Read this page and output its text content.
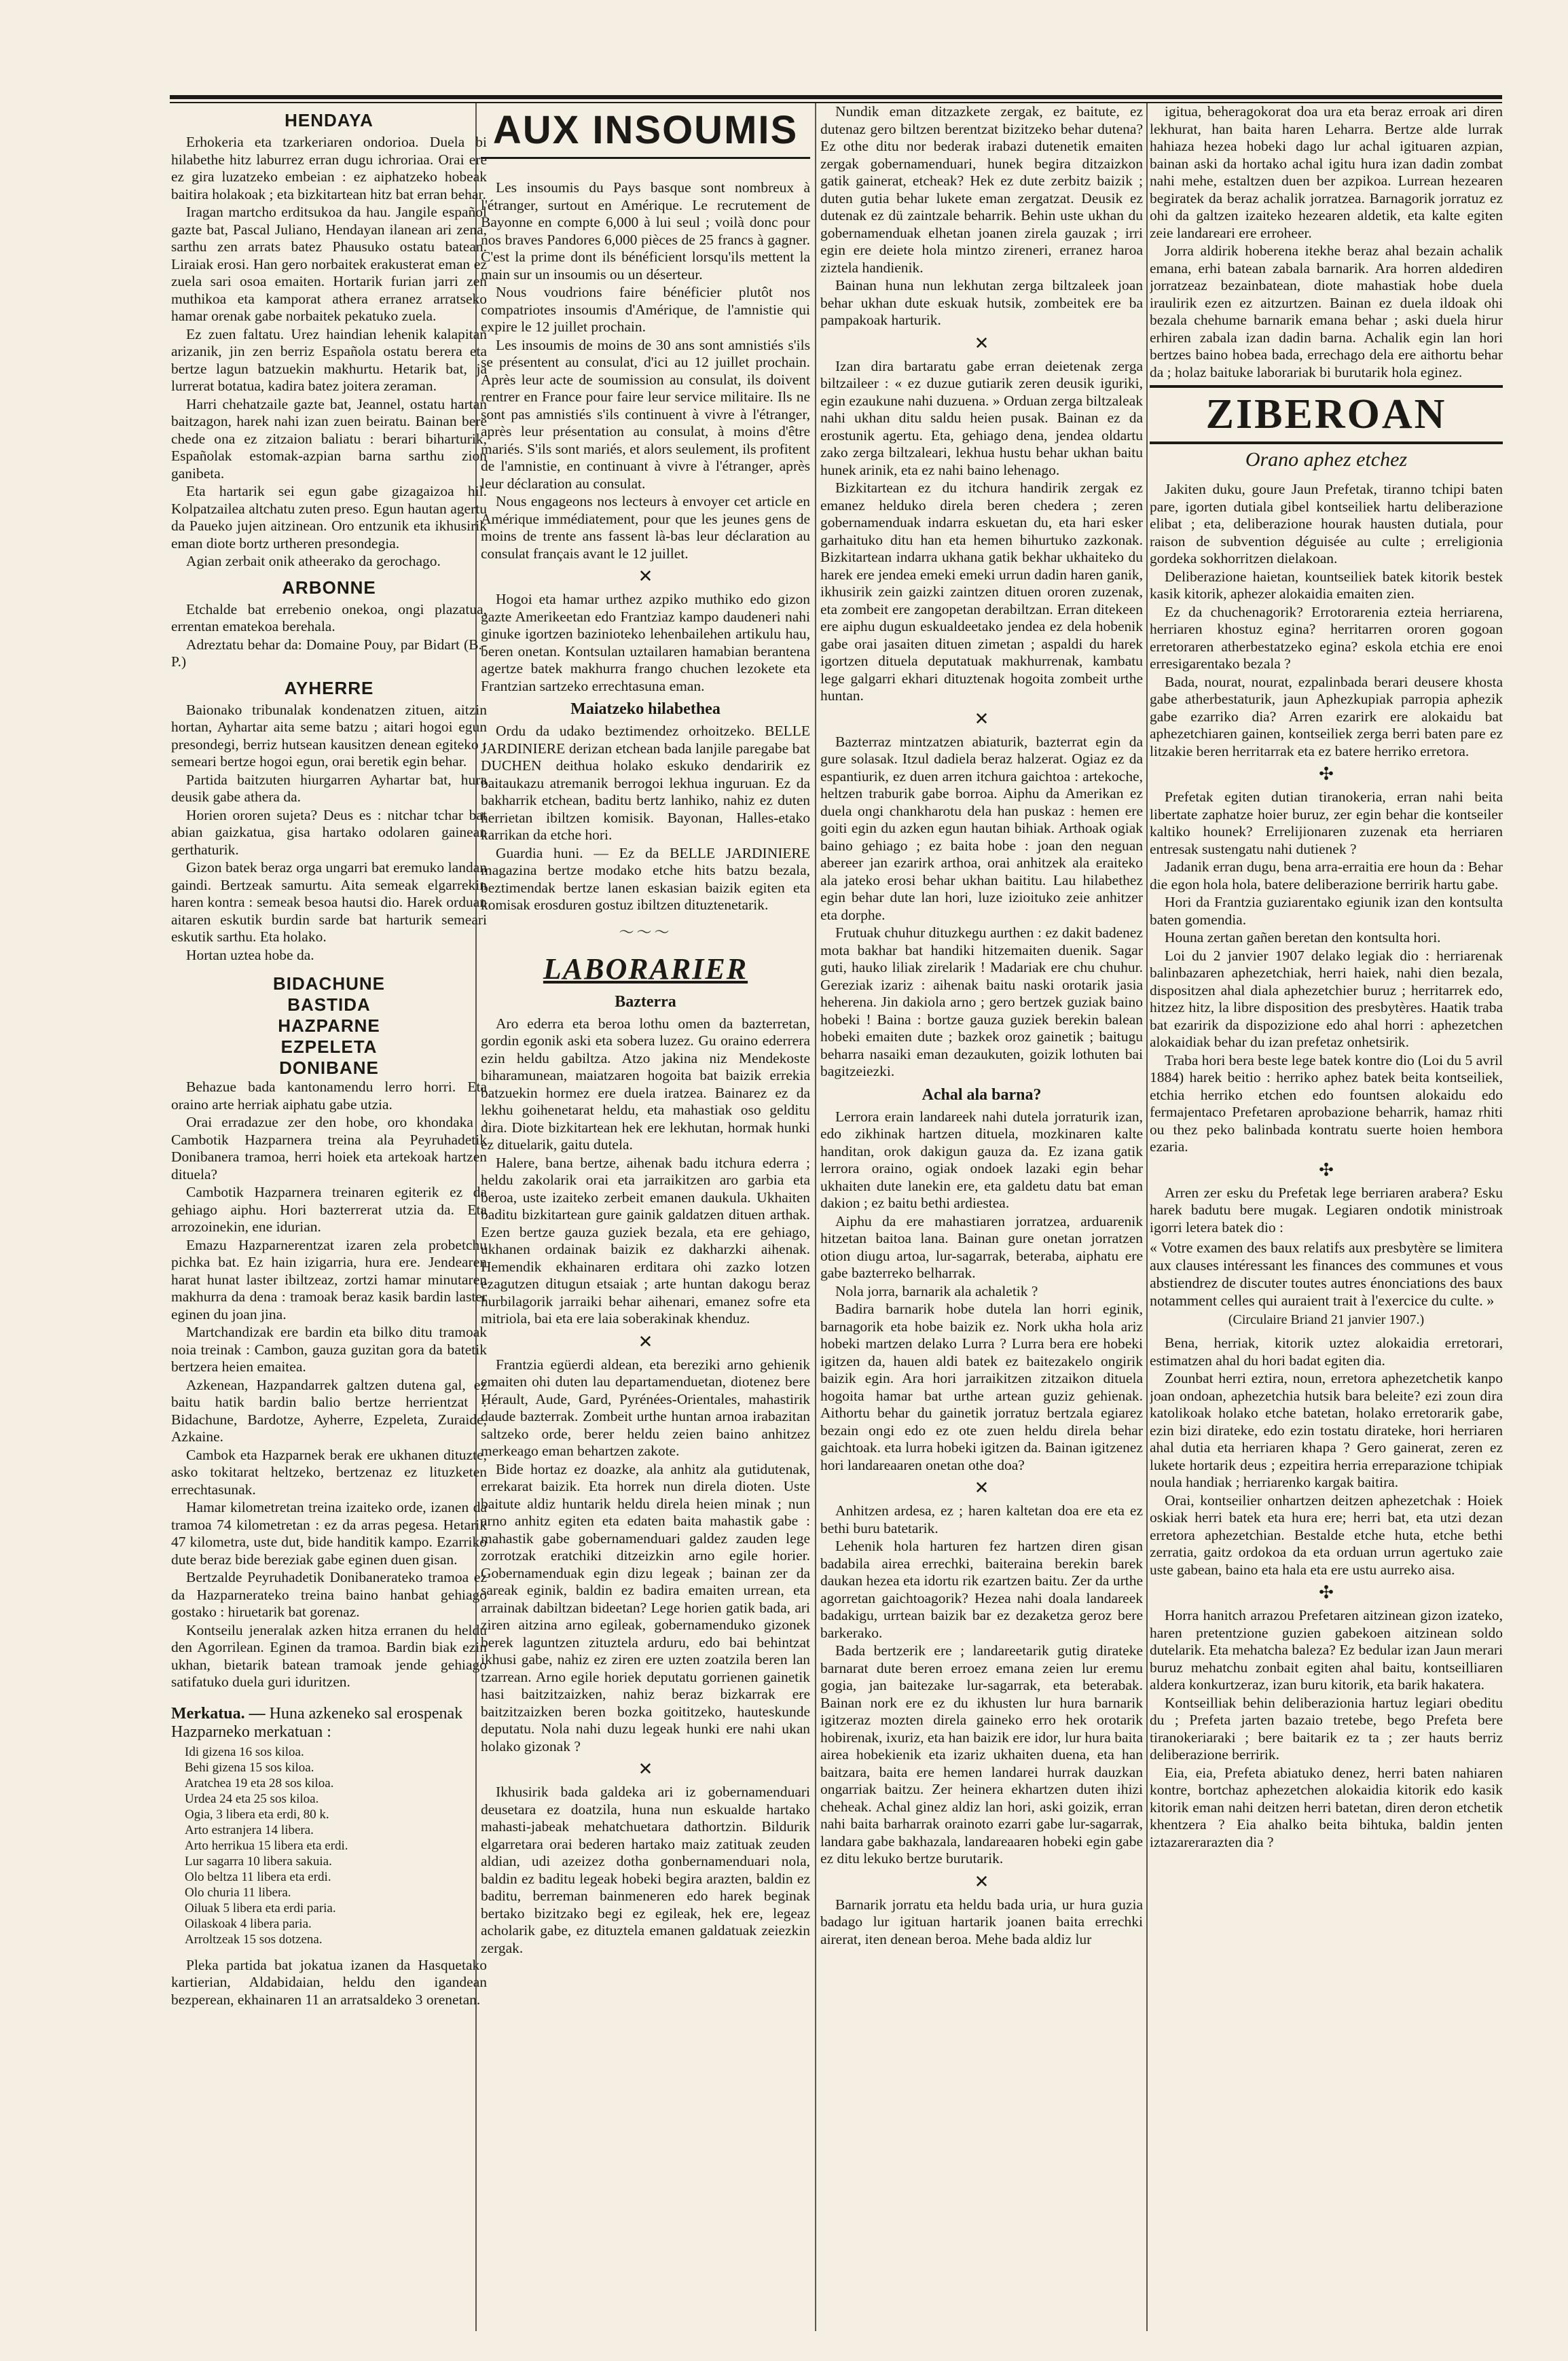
HENDAYA

Erhokeria eta tzarkeriaren ondorioa. Duela bi hilabethe hitz laburrez erran dugu ichroriaa. Orai ere ez gira luzatzeko embeian : ez aiphatzeko hobeak baitira holakoak ; eta bizkitartean hitz bat erran behar.

Iragan martcho erditsukoa da hau. Jangile español gazte bat, Pascal Juliano, Hendayan ilanean ari zena, sarthu zen arrats batez Phausuko ostatu batean. Liraiak erosi. Han gero norbaitek erakusterat eman ez zuela sari osoa emaiten. Hortarik furian jarri zen muthikoa eta kamporat athera erranez arratseko hamar orenak gabe norbaitek pekatuko zuela.

Ez zuen faltatu. Urez haindian lehenik kalapitan arizanik, jin zen berriz Española ostatu berera eta bertze lagun batzuekin makhurtu. Hetarik bat, ja lurrerat botatua, kadira batez joitera zeraman.

Harri chehatzaile gazte bat, Jeannel, ostatu hartan baitzagon, harek nahi izan zuen beiratu. Bainan bere chede ona ez zitzaion baliatu : berari biharturik, Españolak estomak-azpian barna sarthu zion ganibeta.

Eta hartarik sei egun gabe gizagaizoa hil. Kolpatzailea altchatu zuten preso. Egun hautan agertu da Paueko jujen aitzinean. Oro entzunik eta ikhusirik eman diote bortz urtheren presondegia.

Agian zerbait onik atheerako da gerochago.

ARBONNE

Etchalde bat errebenio onekoa, ongi plazatua, errentan ematekoa berehala.

Adreztatu behar da: Domaine Pouy, par Bidart (B.-P.)

AYHERRE

Baionako tribunalak kondenatzen zituen, aitzin hortan, Ayhartar aita seme batzu ; aitari hogoi egun presondegi, berriz hutsean kausitzen denean egiteko ; semeari bertze hogoi egun, orai beretik egin behar.

Partida baitzuten hiurgarren Ayhartar bat, hura deusik gabe athera da.

Horien ororen sujeta? Deus es : nitchar tchar bat abian gaizkatua, gisa hartako odolaren gainean gerthaturik.

Gizon batek beraz orga ungarri bat eremuko landan gaindi. Bertzeak samurtu. Aita semeak elgarrekin haren kontra : semeak besoa hautsi dio. Harek orduan aitaren eskutik burdin sarde bat harturik semeari eskutik sarthu. Eta holako.

Hortan uztea hobe da.

BIDACHUNE
BASTIDA
HAZPARNE
EZPELETA
DONIBANE

Behazue bada kantonamendu lerro horri. Eta oraino arte herriak aiphatu gabe utzia.

Orai erradazue zer den hobe, oro khondaka : Cambotik Hazparnera treina ala Peyruhadetik Donibanera tramoa, herri hoiek eta artekoak hartzen dituela?

Cambotik Hazparnera treinaren egiterik ez da gehiago aiphu. Hori bazterrerat utzia da. Eta arrozoinekin, ene idurian.

Emazu Hazparnerentzat izaren zela probetchu pichka bat. Ez hain izigarria, hura ere. Jendearen harat hunat laster ibiltzeaz, zortzi hamar minutaren makhurra da dena : tramoak beraz kasik bardin laster eginen du joan jina.

Martchandizak ere bardin eta bilko ditu tramoak noia treinak : Cambon, gauza guzitan gora da batetik bertzera heien emaitea.

Azkenean, Hazpandarrek galtzen dutena gal, ez baitu hatik bardin balio bertze herrientzat : Bidachune, Bardotze, Ayherre, Ezpeleta, Zuraide, Azkaine.

Cambok eta Hazparnek berak ere ukhanen dituzte, asko tokitarat heltzeko, bertzenaz ez lituzketen errechtasunak.

Hamar kilometretan treina izaiteko orde, izanen da tramoa 74 kilometretan : ez da arras pegesa. Hetarik 47 kilometra, uste dut, bide handitik kampo. Ezarriko dute beraz bide bereziak gabe eginen duen gisan.

Bertzalde Peyruhadetik Donibanerateko tramoa ez da Hazparnerateko treina baino hanbat gehiago gostako : hiruetarik bat gorenaz.

Kontseilu jeneralak azken hitza erranen du heldu den Agorrilean. Eginen da tramoa. Bardin biak ezin ukhan, bietarik batean tramoak jende gehiago satifatuko duela guri iduritzen.

Merkatua. — Huna azkeneko sal erospenak Hazparneko merkatuan :
Idi gizena 16 sos kiloa.
Behi gizena 15 sos kiloa.
Aratchea 19 eta 28 sos kiloa.
Urdea 24 eta 25 sos kiloa.
Ogia, 3 libera eta erdi, 80 k.
Arto estranjera 14 libera.
Arto herrikua 15 libera eta erdi.
Lur sagarra 10 libera sakuia.
Olo beltza 11 libera eta erdi.
Olo churia 11 libera.
Oiluak 5 libera eta erdi paria.
Oilaskoak 4 libera paria.
Arroltzeak 15 sos dotzena.

Pleka partida bat jokatua izanen da Hasquetako kartierian, Aldabidaian, heldu den igandean bezperean, ekhainaren 11 an arratsaldeko 3 orenetan.

AUX INSOUMIS

Les insoumis du Pays basque sont nombreux à l'étranger, surtout en Amérique. Le recrutement de Bayonne en compte 6,000 à lui seul ; voilà donc pour nos braves Pandores 6,000 pièces de 25 francs à gagner. C'est la prime dont ils bénéficient lorsqu'ils mettent la main sur un insoumis ou un déserteur.

Nous voudrions faire bénéficier plutôt nos compatriotes insoumis d'Amérique, de l'amnistie qui expire le 12 juillet prochain.

Les insoumis de moins de 30 ans sont amnistiés s'ils se présentent au consulat, d'ici au 12 juillet prochain. Après leur acte de soumission au consulat, ils doivent rentrer en France pour faire leur service militaire. Ils ne sont pas amnistiés s'ils continuent à vivre à l'étranger, après leur présentation au consulat, à moins d'être mariés. S'ils sont mariés, et alors seulement, ils profitent de l'amnistie, en continuant à vivre à l'étranger, après leur déclaration au consulat.

Nous engageons nos lecteurs à envoyer cet article en Amérique immédiatement, pour que les jeunes gens de moins de trente ans fassent là-bas leur déclaration au consulat français avant le 12 juillet.

✕

Hogoi eta hamar urthez azpiko muthiko edo gizon gazte Amerikeetan edo Frantziaz kampo daudeneri nahi ginuke igortzen bazinioteko lehenbailehen artikulu hau, beren onetan. Kontsulan uztailaren hamabian berantena agertze batek makhurra frango chuchen lezokete eta Frantzian sartzeko errechtasuna eman.

Maiatzeko hilabethea

Ordu da udako beztimendez orhoitzeko. BELLE JARDINIERE derizan etchean bada lanjile paregabe bat DUCHEN deithua holako eskuko dendaririk ez baitaukazu atremanik berrogoi lekhua inguruan. Ez da bakharrik etchean, baditu bertz lanhiko, nahiz ez duten herrietan ibiltzen komisik. Bayonan, Halles-etako karrikan da etche hori.

Guardia huni. — Ez da BELLE JARDINIERE magazina bertze modako etche hits batzu bezala, beztimendak bertze lanen eskasian baizik egiten eta komisak erosduren gostuz ibiltzen dituztenetarik.

〜〜〜
LABORARIER
Bazterra

Aro ederra eta beroa lothu omen da bazterretan, gordin egonik aski eta sobera luzez. Gu oraino ederrera ezin heldu gabiltza. Atzo jakina niz Mendekoste biharamunean, maiatzaren hogoita bat baizik errekia batzuekin hormez ere duela iratzea. Bainarez ez da lekhu goihenetarat heldu, eta mahastiak oso gelditu dira. Diote bizkitartean hek ere lekhutan, hormak hunki ez dituelarik, gaitu dutela.

Halere, bana bertze, aihenak badu itchura ederra ; heldu zakolarik orai eta jarraikitzen aro garbia eta beroa, uste izaiteko zerbeit emanen daukula. Ukhaiten baditu bizkitartean gure gainik galdatzen dituen arthak. Ezen bertze gauza guziek bezala, eta ere gehiago, ukhanen ordainak baizik ez dakharzki aihenak. Hemendik ekhainaren erditara ohi zazko lotzen ezagutzen ditugun etsaiak ; arte huntan dakogu beraz hurbilagorik jarraiki behar aihenari, emanez sofre eta mitriola, bai eta ere laia soberakinak khenduz.

✕

Frantzia egüerdi aldean, eta bereziki arno gehienik emaiten ohi duten lau departamenduetan, diotenez bere Hérault, Aude, Gard, Pyrénées-Orientales, mahastirik daude bazterrak. Zombeit urthe huntan arnoa irabazitan saltzeko orde, berer heldu zeien baino anhitzez merkeago eman behartzen zakote.

Bide hortaz ez doazke, ala anhitz ala gutidutenak, errekarat baizik. Eta horrek nun direla dioten. Uste baitute aldiz huntarik heldu direla heien minak ; nun arno anhitz egiten eta edaten baita mahastik gabe : mahastik gabe gobernamenduari galdez zauden lege zorrotzak eratchiki ditzeizkin arno egile horier. Gobernamenduak egin dizu legeak ; bainan zer da sareak eginik, baldin ez badira emaiten urrean, eta arrainak dabiltzan bideetan? Lege horien gatik bada, ari ziren aitzina arno egileak, gobernamenduko gizonek berek laguntzen zituztela arduru, edo bai behintzat ikhusi gabe, nahiz ez ziren ere uzten zoatzila beren lan tzarrean. Arno egile horiek deputatu gorrienen gainetik hasi baitzitzaizken, nahiz beraz bizkarrak ere baitzitzaizken beren bozka goititzeko, hauteskunde deputatu. Nola nahi duzu legeak hunki ere nahi ukan holako gizonak ?

✕

Ikhusirik bada galdeka ari iz gobernamenduari deusetara ez doatzila, huna nun eskualde hartako mahasti-jabeak mehatchuetara dathortzin. Bildurik elgarretara orai bederen hartako maiz zatituak zeuden aldian, udi azeizez dotha gonbernamenduari nola, baldin ez baditu legeak hobeki begira arazten, baldin ez baditu, berreman bainmeneren edo harek beginak bertako bizitzako begi ez egileak, hek ere, legeaz acholarik gabe, ez dituztela emanen galdatuak zeiezkin zergak.

Nundik eman ditzazkete zergak, ez baitute, ez dutenaz gero biltzen berentzat bizitzeko behar dutena? Ez othe ditu nor bederak irabazi dutenetik emaiten zergak gobernamenduari, hunek begira ditzaizkon gatik gainerat, etcheak? Hek ez dute zerbitz baizik ; duten gutia behar lukete eman zergatzat. Deusik ez dutenak ez dü zaintzale beharrik. Behin uste ukhan du gobernamenduak elhetan joanen zirela gauzak ; irri egin ere deiete hola mintzo zireneri, erranez haroa ziztela handienik.

Bainan huna nun lekhutan zerga biltzaleek joan behar ukhan dute eskuak hutsik, zombeitek ere ba pampakoak harturik.

✕

Izan dira bartaratu gabe erran deietenak zerga biltzaileer : « ez duzue gutiarik zeren deusik iguriki, egin ezaukune nahi duzuena. » Orduan zerga biltzaleak nahi ukhan ditu saldu heien pusak. Bainan ez da erostunik agertu. Eta, gehiago dena, jendea oldartu zako zerga biltzaleari, lekhua hustu behar ukhan baitu hunek arinik, eta ez nahi baino lehenago.

Bizkitartean ez du itchura handirik zergak ez emanez helduko direla beren chedera ; zeren gobernamenduak indarra eskuetan du, eta hari esker garhaituko ditu han eta hemen bihurtuko zazkonak. Bizkitartean indarra ukhana gatik bekhar ukhaiteko du harek ere jendea emeki emeki urrun dadin haren ganik, ikhusirik zein gaizki zaintzen dituen ororen zuzenak, eta zombeit ere zangopetan derabiltzan. Erran ditekeen ere aiphu dugun eskualdeetako jendea ez dela hobenik gabe orai jasaiten dituen zimetan ; aspaldi du harek igortzen dituela deputatuak makhurrenak, kambatu lege galgarri ekhari dituztenak hogoita zombeit urthe huntan.

✕

Bazterraz mintzatzen abiaturik, bazterrat egin da gure solasak. Itzul dadiela beraz halzerat. Ogiaz ez da espantiurik, ez duen arren itchura gaichtoa : artekoche, heltzen traburik gabe borroa. Aiphu da Amerikan ez duela ongi chankharotu dela han puskaz : hemen ere goiti egin du azken egun hautan bihiak. Arthoak ogiak baino gehiago ; ez baita hobe : joan den neguan abereer jan ezarirk arthoa, orai anhitzek ala eraiteko ala jateko erosi behar ukhan baititu. Lau hilabethez egin behar dute lan hori, luze izioituko zeie anhitzer eta dorphe.

Frutuak chuhur dituzkegu aurthen : ez dakit badenez mota bakhar bat handiki hitzemaiten duenik. Sagar guti, hauko liliak zirelarik ! Madariak ere chu chuhur. Gereziak izariz : aihenak baitu naski orotarik jasia heherena. Jin dakiola arno ; gero bertzek guziak baino hobeki ! Baina : bortze gauza guziek berekin balean hobeki emaiten dute ; bazkek oroz gainetik ; baitugu beharra nasaiki eman dezaukuten, goizik lothuten bai bagitzeiezki.

Achal ala barna?

Lerrora erain landareek nahi dutela jorraturik izan, edo zikhinak hartzen dituela, mozkinaren kalte handitan, orok dakigun gauza da. Ez izana gatik lerrora oraino, ogiak ondoek lazaki egin behar ukhaiten dute lanekin ere, eta galdetu datu bat eman dakion ; ez baitu bethi ardiestea.

Aiphu da ere mahastiaren jorratzea, arduarenik hitzetan baitoa lana. Bainan gure onetan jorratzen otion diugu artoa, lur-sagarrak, beteraba, aiphatu ere gabe bazterreko belharrak.

Nola jorra, barnarik ala achaletik ?

Badira barnarik hobe dutela lan horri eginik, barnagorik eta hobe baizik ez. Nork ukha hola ariz hobeki martzen delako Lurra ? Lurra bera ere hobeki igitzen da, hauen aldi batek ez baitezakelo ongirik baizik egin. Ara hori jarraikitzen zitzaikon dituela hogoita hamar bat urthe artean guziz gehienak. Aithortu behar du gainetik jorratuz bertzala egiarez bezain ongi edo ez ote zuen heldu direla behar gaichtoak. eta lurra hobeki igitzen da. Bainan igitzenez hori landareaaren onetan othe doa?

✕

Anhitzen ardesa, ez ; haren kaltetan doa ere eta ez bethi buru batetarik.

Lehenik hola harturen fez hartzen diren gisan badabila airea errechki, baiteraina berekin barek daukan hezea eta idortu rik ezartzen baitu. Zer da urthe agorretan gaichtoagorik? Hezea nahi doala landareek badakigu, urrtean baizik bar ez dezaketza geroz bere barkerako.

Bada bertzerik ere ; landareetarik gutig dirateke barnarat dute beren erroez emana zeien lur eremu gogia, jan baitezake lur-sagarrak, eta beterabak. Bainan nork ere ez du ikhusten lur hura barnarik igitzeraz mozten direla gaineko erro hek orotarik hobirenak, ixuriz, eta han baizik ere idor, lur hura baita airea hobekienik eta izariz ukhaiten duena, eta han baitzara, baita ere hemen landarei hurrak dauzkan ongarriak baitzu. Zer heinera ekhartzen duten ihizi cheheak. Achal ginez aldiz lan hori, aski goizik, erran nahi baita barharrak orainoto ezarri gabe lur-sagarrak, landara gabe bakhazala, landareaaren hobeki egin gabe ez ditu lekuko bertze burutarik.

✕

Barnarik jorratu eta heldu bada uria, ur hura guzia badago lur igituan hartarik joanen baita errechki airerat, iten denean beroa. Mehe bada aldiz lur

igitua, beheragokorat doa ura eta beraz erroak ari diren lekhurat, han baita haren Leharra. Bertze alde lurrak hahiaza hezea hobeki dago lur achal igituaren azpian, bainan aski da hortako achal igitu hura izan dadin zombat nahi mehe, estaltzen duen ber azpikoa. Lurrean hezearen begiratek da beraz achalik jorratzea. Barnagorik jorratuz ez ohi da galtzen izaiteko hezearen aldetik, eta kalte egiten zeie landareari ere erroheer.

Jorra aldirik hoberena itekhe beraz ahal bezain achalik emana, erhi batean zabala barnarik. Ara horren aldediren jorratzeaz bezainbatean, diote mahastiak hobe duela iraulirik ezen ez aitzurtzen. Bainan ez duela ildoak ohi bezala chehume barnarik emana behar ; aski duela hirur erhiren zabala izan dadin barna. Achalik egin lan hori bertzes baino hobea bada, errechago dela ere aithortu behar da ; holaz baituke laborariak bi burutarik hola eginez.

ZIBEROAN
Orano aphez etchez

Jakiten duku, goure Jaun Prefetak, tiranno tchipi baten pare, igorten dutiala gibel kontseiliek hartu deliberazione elibat ; eta, deliberazione hourak hausten dutiala, pour raison de subvention déguisée au culte ; erreligionia gordeka sokhorritzen dielakoan.

Deliberazione haietan, kountseiliek batek kitorik bestek kasik kitorik, aphezer alokaidia emaiten zien.

Ez da chuchenagorik? Errotorarenia ezteia herriarena, herriaren khostuz egina? herritarren ororen gogoan erretoraren atherbestatzeko egina? eskola etchia ere enoi erresigarentako bezala ?

Bada, nourat, nourat, ezpalinbada berari deusere khosta gabe atherbestaturik, jaun Aphezkupiak parropia aphezik gabe ezarriko dia? Arren ezarirk ere alokaidu bat aphezetchiaren gainen, kontseiliek zerga berri baten pare ez litzakie beren herritarrak eta ez batere herriko erretora.

✣

Prefetak egiten dutian tiranokeria, erran nahi beita libertate zaphatze hoier buruz, zer egin behar die kontseiler kaltiko hounek? Errelijionaren zuzenak eta herriaren entresak sustengatu nahi dutienek ?

Jadanik erran dugu, bena arra-erraitia ere houn da : Behar die egon hola hola, batere deliberazione berririk hartu gabe.

Hori da Frantzia guziarentako egiunik izan den kontsulta baten gomendia.

Houna zertan gañen beretan den kontsulta hori.

Loi du 2 janvier 1907 delako legiak dio : herriarenak balinbazaren aphezetchiak, herri haiek, nahi dien bezala, dispositzen ahal diala aphezetchier buruz ; herritarrek edo, hitzez hitz, la libre disposition des presbytères. Haatik traba bat ezaririk da dispozizione edo ahal horri : aphezetchen alokaidiak behar du izan prefetaz onhetsirik.

Traba hori bera beste lege batek kontre dio (Loi du 5 avril 1884) harek beitio : herriko aphez batek beita kontseiliek, etchia herriko etchen edo fountsen alokaidu edo fermajentaco Prefetaren aprobazione beharrik, hamaz rhiti ou thez peko balinbada kontratu suerte hoien hembora ezaria.

✣

Arren zer esku du Prefetak lege berriaren arabera? Esku harek badutu bere mugak. Legiaren ondotik ministroak igorri letera batek dio :

« Votre examen des baux relatifs aux presbytère se limitera aux clauses intéressant les finances des communes et vous abstiendrez de discuter toutes autres énonciations des baux notamment celles qui auraient trait à l'exercice du culte. »

(Circulaire Briand 21 janvier 1907.)

Bena, herriak, kitorik uztez alokaidia erretorari, estimatzen ahal du hori badat egiten dia.

Zounbat herri eztira, noun, erretora aphezetchetik kanpo joan ondoan, aphezetchia hutsik bara beleite? ezi zoun dira katolikoak holako etche batetan, holako erretorarik gabe, ezin bizi dirateke, edo ezin tostatu dirateke, hori herriaren ahal dutia eta herriaren khapa ? Gero gainerat, zeren ez lukete hortarik deus ; ezpeitira herria erreparazione tchipiak noula handiak ; herriarenko kargak baitira.

Orai, kontseilier onhartzen deitzen aphezetchak : Hoiek oskiak herri batek eta hura ere; herri bat, eta utzi dezan erretora aphezetchian. Bestalde etche huta, etche bethi zerratia, gaitz ordokoa da eta orduan urrun agertuko zaie uste gabean, baino eta hala eta ere ustu aurreko aisa.

✣

Horra hanitch arrazou Prefetaren aitzinean gizon izateko, haren pretentzione guzien gabekoen aitzinean soldo dutelarik. Eta mehatcha baleza? Ez bedular izan Jaun merari buruz mehatchu zonbait egiten ahal baitu, kontseilliaren aldera konkurtzeraz, izan buru kitorik, eta barik hakatera.

Kontseilliak behin deliberazionia hartuz legiari obeditu du ; Prefeta jarten bazaio tretebe, bego Prefeta bere tiranokeriaraki ; bere baitarik ez ta ; zer hauts berriz deliberazione berririk.

Eia, eia, Prefeta abiatuko denez, herri baten nahiaren kontre, bortchaz aphezetchen alokaidia kitorik edo kasik kitorik eman nahi deitzen herri batetan, diren deron etchetik khentzera ? Eia ahalko beita bihtuka, baldin jenten iztazarerarazten dia ?
